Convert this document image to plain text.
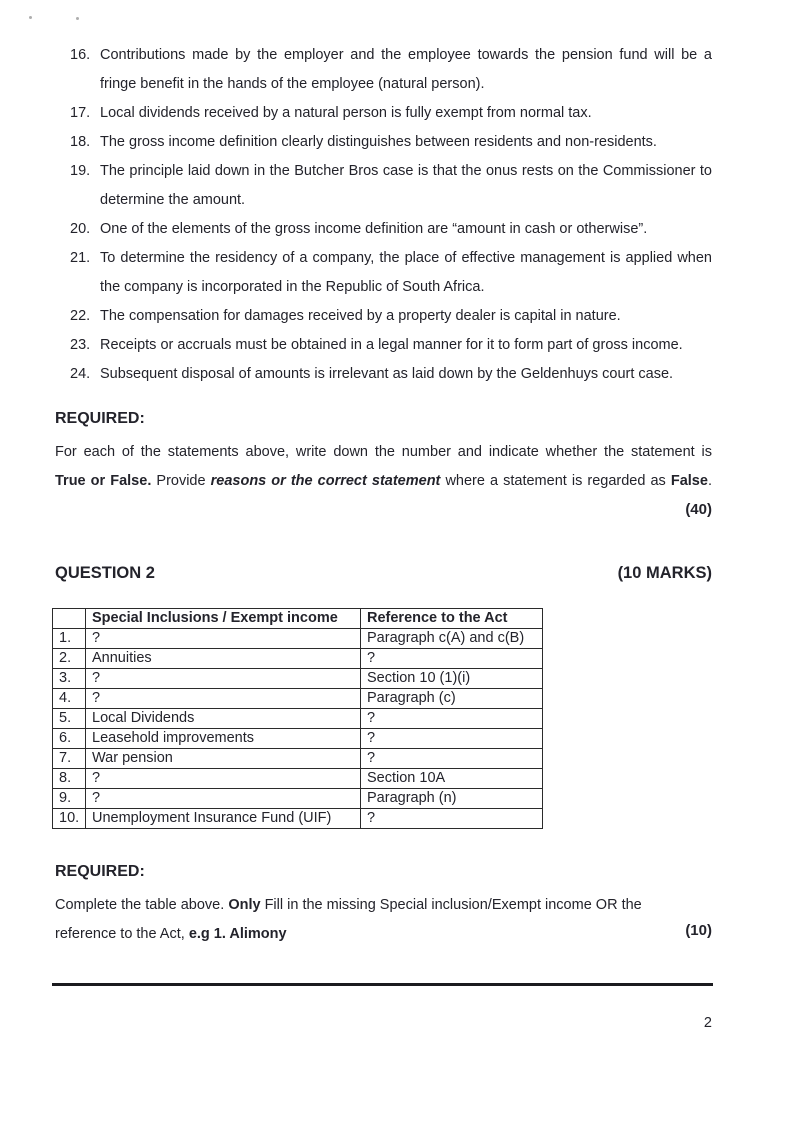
16. Contributions made by the employer and the employee towards the pension fund will be a
fringe benefit in the hands of the employee (natural person).
17. Local dividends received by a natural person is fully exempt from normal tax.
18. The gross income definition clearly distinguishes between residents and non-residents.
19. The principle laid down in the Butcher Bros case is that the onus rests on the Commissioner to
determine the amount.
20. One of the elements of the gross income definition are “amount in cash or otherwise”.
21. To determine the residency of a company, the place of effective management is applied when
the company is incorporated in the Republic of South Africa.
22. The compensation for damages received by a property dealer is capital in nature.
23. Receipts or accruals must be obtained in a legal manner for it to form part of gross income.
24. Subsequent disposal of amounts is irrelevant as laid down by the Geldenhuys court case.
REQUIRED:
For each of the statements above, write down the number and indicate whether the statement is
True or False. Provide reasons or the correct statement where a statement is regarded as False.
(40)
QUESTION 2	(10 MARKS)
	Special Inclusions / Exempt income	Reference to the Act
1.	?	Paragraph c(A) and c(B)
2.	Annuities	?
3.	?	Section 10 (1)(i)
4.	?	Paragraph (c)
5.	Local Dividends	?
6.	Leasehold improvements	?
7.	War pension	?
8.	?	Section 10A
9.	?	Paragraph (n)
10.	Unemployment Insurance Fund (UIF)	?
REQUIRED:
Complete the table above. Only Fill in the missing Special inclusion/Exempt income OR the
reference to the Act, e.g 1. Alimony	(10)
2
